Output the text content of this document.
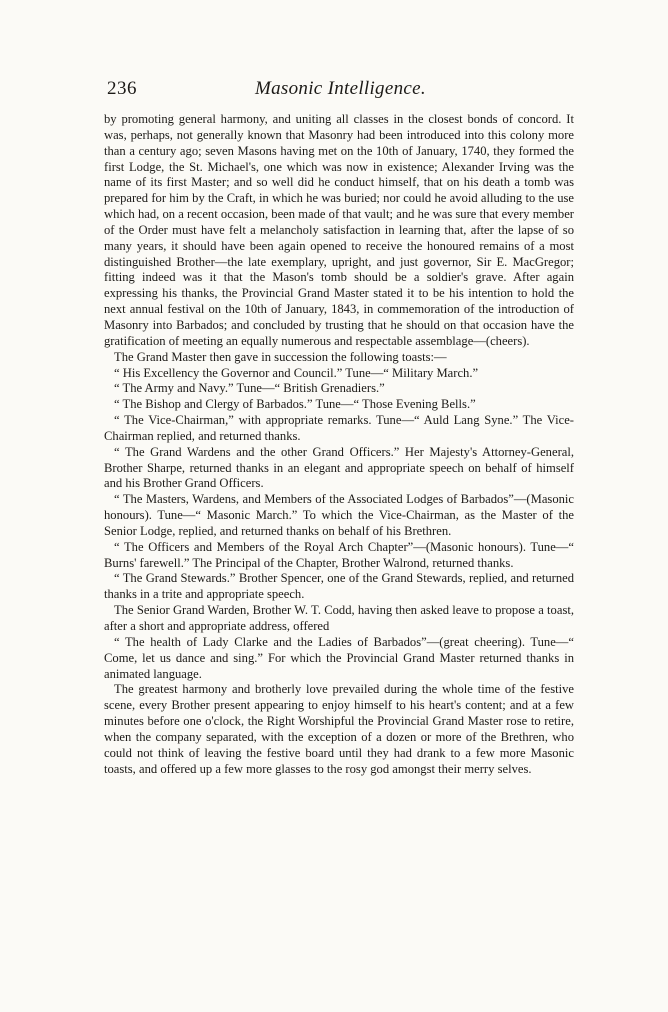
236	Masonic Intelligence.

by promoting general harmony, and uniting all classes in the closest bonds of concord. It was, perhaps, not generally known that Masonry had been introduced into this colony more than a century ago; seven Masons having met on the 10th of January, 1740, they formed the first Lodge, the St. Michael's, one which was now in existence; Alexander Irving was the name of its first Master; and so well did he conduct himself, that on his death a tomb was prepared for him by the Craft, in which he was buried; nor could he avoid alluding to the use which had, on a recent occasion, been made of that vault; and he was sure that every member of the Order must have felt a melancholy satisfaction in learning that, after the lapse of so many years, it should have been again opened to receive the honoured remains of a most distinguished Brother—the late exemplary, upright, and just governor, Sir E. MacGregor; fitting indeed was it that the Mason's tomb should be a soldier's grave. After again expressing his thanks, the Provincial Grand Master stated it to be his intention to hold the next annual festival on the 10th of January, 1843, in commemoration of the introduction of Masonry into Barbados; and concluded by trusting that he should on that occasion have the gratification of meeting an equally numerous and respectable assemblage—(cheers).

The Grand Master then gave in succession the following toasts:—

“ His Excellency the Governor and Council.” Tune—“ Military March.”

“ The Army and Navy.” Tune—“ British Grenadiers.”

“ The Bishop and Clergy of Barbados.” Tune—“ Those Evening Bells.”

“ The Vice-Chairman,” with appropriate remarks. Tune—“ Auld Lang Syne.” The Vice-Chairman replied, and returned thanks.

“ The Grand Wardens and the other Grand Officers.” Her Majesty's Attorney-General, Brother Sharpe, returned thanks in an elegant and appropriate speech on behalf of himself and his Brother Grand Officers.

“ The Masters, Wardens, and Members of the Associated Lodges of Barbados”—(Masonic honours). Tune—“ Masonic March.” To which the Vice-Chairman, as the Master of the Senior Lodge, replied, and returned thanks on behalf of his Brethren.

“ The Officers and Members of the Royal Arch Chapter”—(Masonic honours). Tune—“ Burns' farewell.” The Principal of the Chapter, Brother Walrond, returned thanks.

“ The Grand Stewards.” Brother Spencer, one of the Grand Stewards, replied, and returned thanks in a trite and appropriate speech.

The Senior Grand Warden, Brother W. T. Codd, having then asked leave to propose a toast, after a short and appropriate address, offered

“ The health of Lady Clarke and the Ladies of Barbados”—(great cheering). Tune—“ Come, let us dance and sing.” For which the Provincial Grand Master returned thanks in animated language.

The greatest harmony and brotherly love prevailed during the whole time of the festive scene, every Brother present appearing to enjoy himself to his heart's content; and at a few minutes before one o'clock, the Right Worshipful the Provincial Grand Master rose to retire, when the company separated, with the exception of a dozen or more of the Brethren, who could not think of leaving the festive board until they had drank to a few more Masonic toasts, and offered up a few more glasses to the rosy god amongst their merry selves.
